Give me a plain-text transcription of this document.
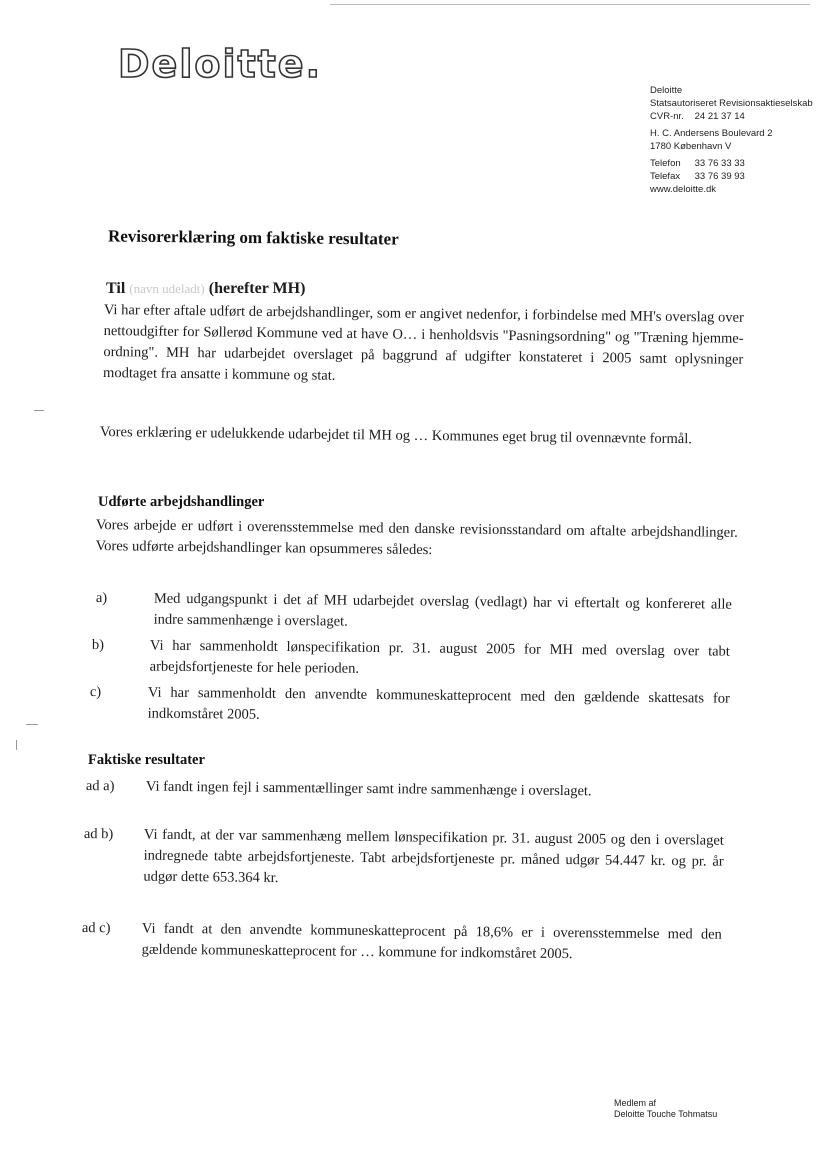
Deloitte.
Deloitte
Statsautoriseret Revisionsaktieselskab
CVR-nr. 24 21 37 14
H. C. Andersens Boulevard 2
1780 København V
Telefon 33 76 33 33
Telefax 33 76 39 93
www.deloitte.dk
Revisorerklæring om faktiske resultater
Til (navn udeladt) (herefter MH)
Vi har efter aftale udført de arbejdshandlinger, som er angivet nedenfor, i forbindelse med MH's overslag over nettoudgifter for Søllerød Kommune ved at have O… i henholdsvis "Pasningsordning" og "Træning hjemme-ordning". MH har udarbejdet overslaget på baggrund af udgifter konstateret i 2005 samt oplysninger modtaget fra ansatte i kommune og stat.
Vores erklæring er udelukkende udarbejdet til MH og … Kommunes eget brug til ovennævnte formål.
Udførte arbejdshandlinger
Vores arbejde er udført i overensstemmelse med den danske revisionsstandard om aftalte arbejdshandlinger. Vores udførte arbejdshandlinger kan opsummeres således:
a)	Med udgangspunkt i det af MH udarbejdet overslag (vedlagt) har vi eftertalt og konfereret alle indre sammenhænge i overslaget.
b)	Vi har sammenholdt lønspecifikation pr. 31. august 2005 for MH med overslag over tabt arbejdsfortjeneste for hele perioden.
c)	Vi har sammenholdt den anvendte kommuneskatteprocent med den gældende skattesats for indkomståret 2005.
Faktiske resultater
ad a)	Vi fandt ingen fejl i sammentællinger samt indre sammenhænge i overslaget.
ad b)	Vi fandt, at der var sammenhæng mellem lønspecifikation pr. 31. august 2005 og den i overslaget indregnede tabte arbejdsfortjeneste. Tabt arbejdsfortjeneste pr. måned udgør 54.447 kr. og pr. år udgør dette 653.364 kr.
ad c)	Vi fandt at den anvendte kommuneskatteprocent på 18,6% er i overensstemmelse med den gældende kommuneskatteprocent for … kommune for indkomståret 2005.
Medlem af
Deloitte Touche Tohmatsu
